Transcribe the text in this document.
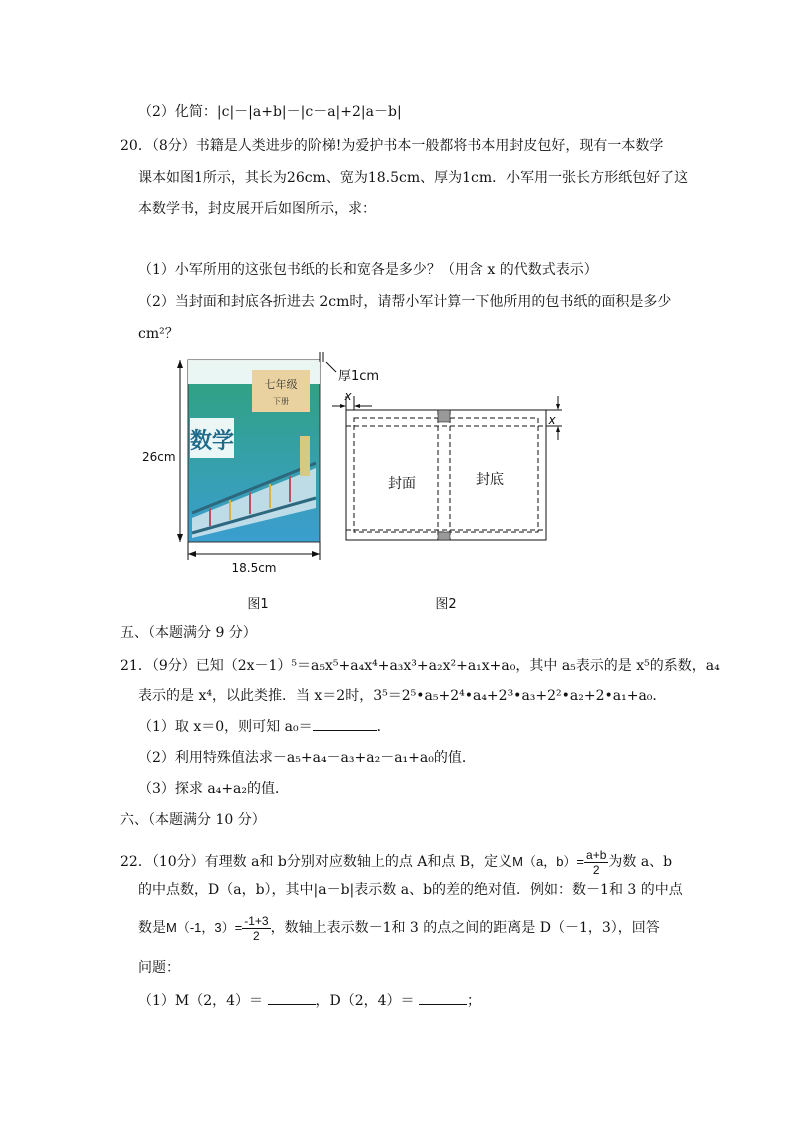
（2）化简：|c|－|a+b|－|c－a|+2|a－b|
20．（8分）书籍是人类进步的阶梯!为爱护书本一般都将书本用封皮包好，现有一本数学
课本如图1所示，其长为26cm、宽为18.5cm、厚为1cm．小军用一张长方形纸包好了这
本数学书，封皮展开后如图所示，求：
（1）小军所用的这张包书纸的长和宽各是多少？（用含 x 的代数式表示）
（2）当封面和封底各折进去 2cm时，请帮小军计算一下他所用的包书纸的面积是多少
cm²？
七年级
下册
数学
26cm
18.5cm
厚1cm
图1
封面	封底
x
x
图2
五、（本题满分 9 分）
21．（9分）已知（2x－1）⁵＝a₅x⁵+a₄x⁴+a₃x³+a₂x²+a₁x+a₀，其中 a₅表示的是 x⁵的系数，a₄
表示的是 x⁴，以此类推．当 x＝2时，3⁵＝2⁵•a₅+2⁴•a₄+2³•a₃+2²•a₂+2•a₁+a₀．
（1）取 x＝0，则可知 a₀＝	．
（2）利用特殊值法求－a₅+a₄－a₃+a₂－a₁+a₀的值．
（3）探求 a₄+a₂的值．
六、（本题满分 10 分）
22．（10分）有理数 a和 b分别对应数轴上的点 A和点 B，定义M（a，$b)= \frac{a+b}{2}$ 为数 a、b
的中点数，D（a，b），其中|a－b|表示数 a、b的差的绝对值．例如：数－1和 3 的中点
数是M（-1，$3)= \frac{-1+3}{2}$ ，数轴上表示数－1和 3 的点之间的距离是 D（－1，3），回答
问题：
（1）M（2，4）＝	，D（2，4）＝	；
